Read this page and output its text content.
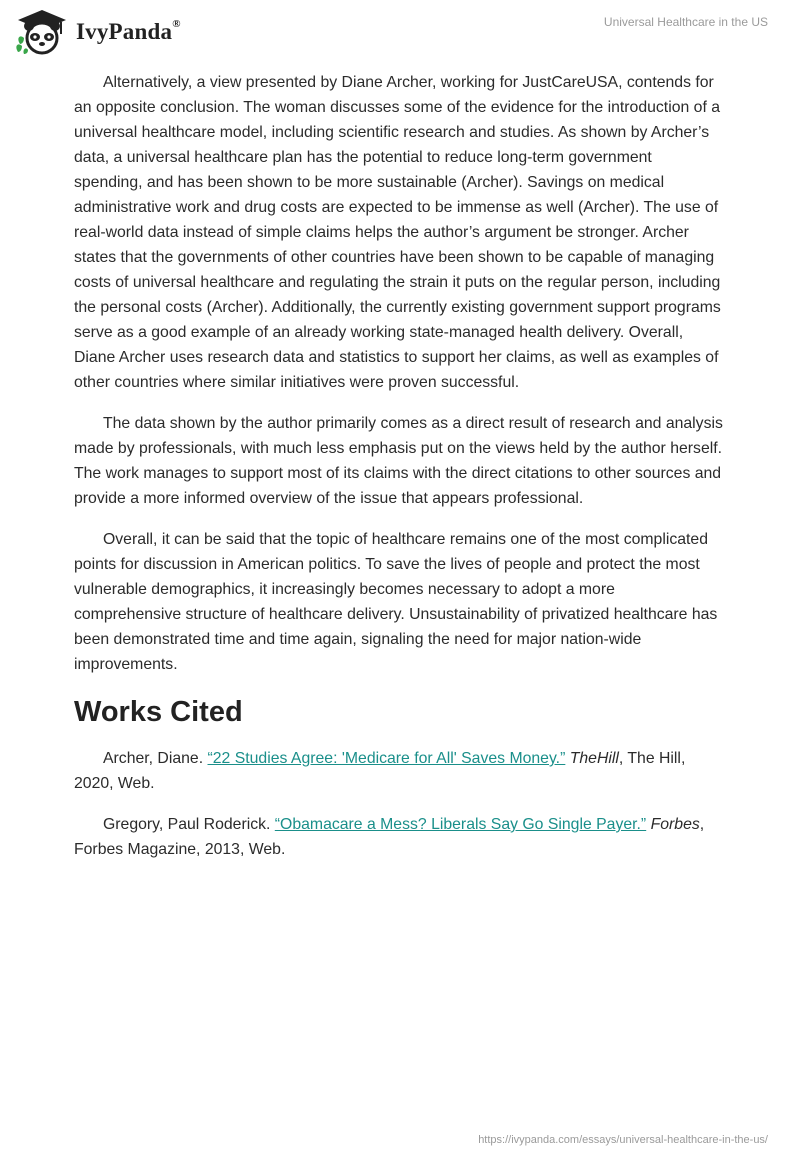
IvyPanda®	Universal Healthcare in the US

Alternatively, a view presented by Diane Archer, working for JustCareUSA, contends for an opposite conclusion. The woman discusses some of the evidence for the introduction of a universal healthcare model, including scientific research and studies. As shown by Archer’s data, a universal healthcare plan has the potential to reduce long-term government spending, and has been shown to be more sustainable (Archer). Savings on medical administrative work and drug costs are expected to be immense as well (Archer). The use of real-world data instead of simple claims helps the author’s argument be stronger. Archer states that the governments of other countries have been shown to be capable of managing costs of universal healthcare and regulating the strain it puts on the regular person, including the personal costs (Archer). Additionally, the currently existing government support programs serve as a good example of an already working state-managed health delivery. Overall, Diane Archer uses research data and statistics to support her claims, as well as examples of other countries where similar initiatives were proven successful.

The data shown by the author primarily comes as a direct result of research and analysis made by professionals, with much less emphasis put on the views held by the author herself. The work manages to support most of its claims with the direct citations to other sources and provide a more informed overview of the issue that appears professional.

Overall, it can be said that the topic of healthcare remains one of the most complicated points for discussion in American politics. To save the lives of people and protect the most vulnerable demographics, it increasingly becomes necessary to adopt a more comprehensive structure of healthcare delivery. Unsustainability of privatized healthcare has been demonstrated time and time again, signaling the need for major nation-wide improvements.

Works Cited

Archer, Diane. “22 Studies Agree: 'Medicare for All' Saves Money.” TheHill, The Hill, 2020, Web.

Gregory, Paul Roderick. “Obamacare a Mess? Liberals Say Go Single Payer.” Forbes, Forbes Magazine, 2013, Web.

https://ivypanda.com/essays/universal-healthcare-in-the-us/
